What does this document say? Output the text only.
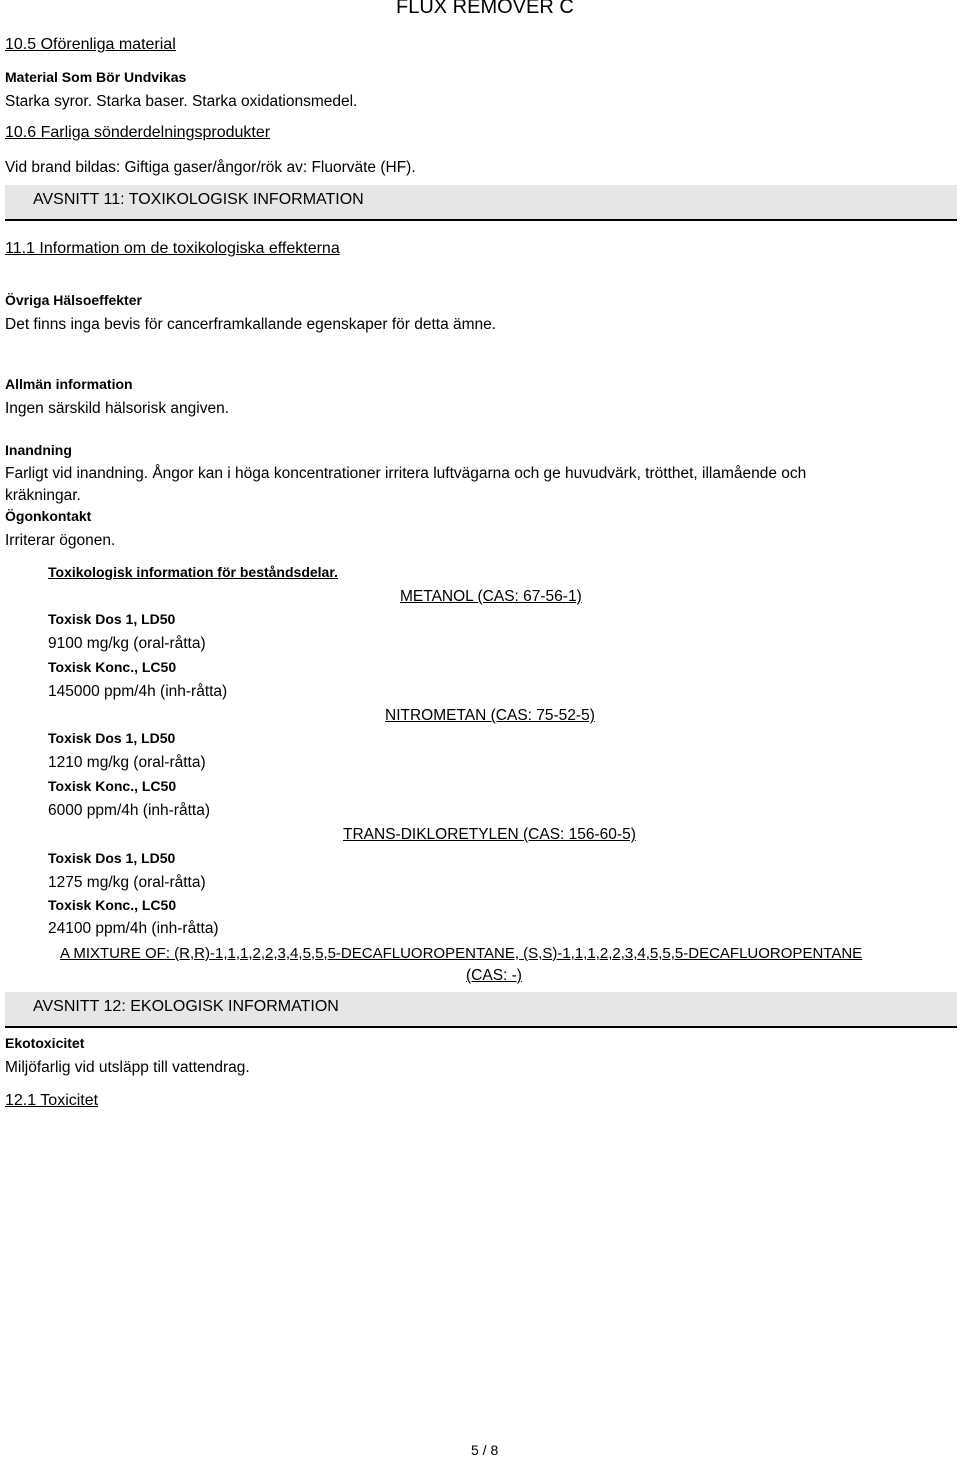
FLUX REMOVER C
10.5 Oförenliga material
Material Som Bör Undvikas
Starka syror. Starka baser. Starka oxidationsmedel.
10.6 Farliga sönderdelningsprodukter
Vid brand bildas: Giftiga gaser/ångor/rök av: Fluorväte (HF).
AVSNITT 11: TOXIKOLOGISK INFORMATION
11.1 Information om de toxikologiska effekterna
Övriga Hälsoeffekter
Det finns inga bevis för cancerframkallande egenskaper för detta ämne.
Allmän information
Ingen särskild hälsorisk angiven.
Inandning
Farligt vid inandning. Ångor kan i höga koncentrationer irritera luftvägarna och ge huvudvärk, trötthet, illamående och
kräkningar.
Ögonkontakt
Irriterar ögonen.
Toxikologisk information för beståndsdelar.
METANOL (CAS: 67-56-1)
Toxisk Dos 1, LD50
9100 mg/kg (oral-råtta)
Toxisk Konc., LC50
145000 ppm/4h (inh-råtta)
NITROMETAN (CAS: 75-52-5)
Toxisk Dos 1, LD50
1210 mg/kg (oral-råtta)
Toxisk Konc., LC50
6000 ppm/4h (inh-råtta)
TRANS-DIKLORETYLEN (CAS: 156-60-5)
Toxisk Dos 1, LD50
1275 mg/kg (oral-råtta)
Toxisk Konc., LC50
24100 ppm/4h (inh-råtta)
A MIXTURE OF: (R,R)-1,1,1,2,2,3,4,5,5,5-DECAFLUOROPENTANE, (S,S)-1,1,1,2,2,3,4,5,5,5-DECAFLUOROPENTANE
(CAS: -)
AVSNITT 12: EKOLOGISK INFORMATION
Ekotoxicitet
Miljöfarlig vid utsläpp till vattendrag.
12.1 Toxicitet
5 / 8
